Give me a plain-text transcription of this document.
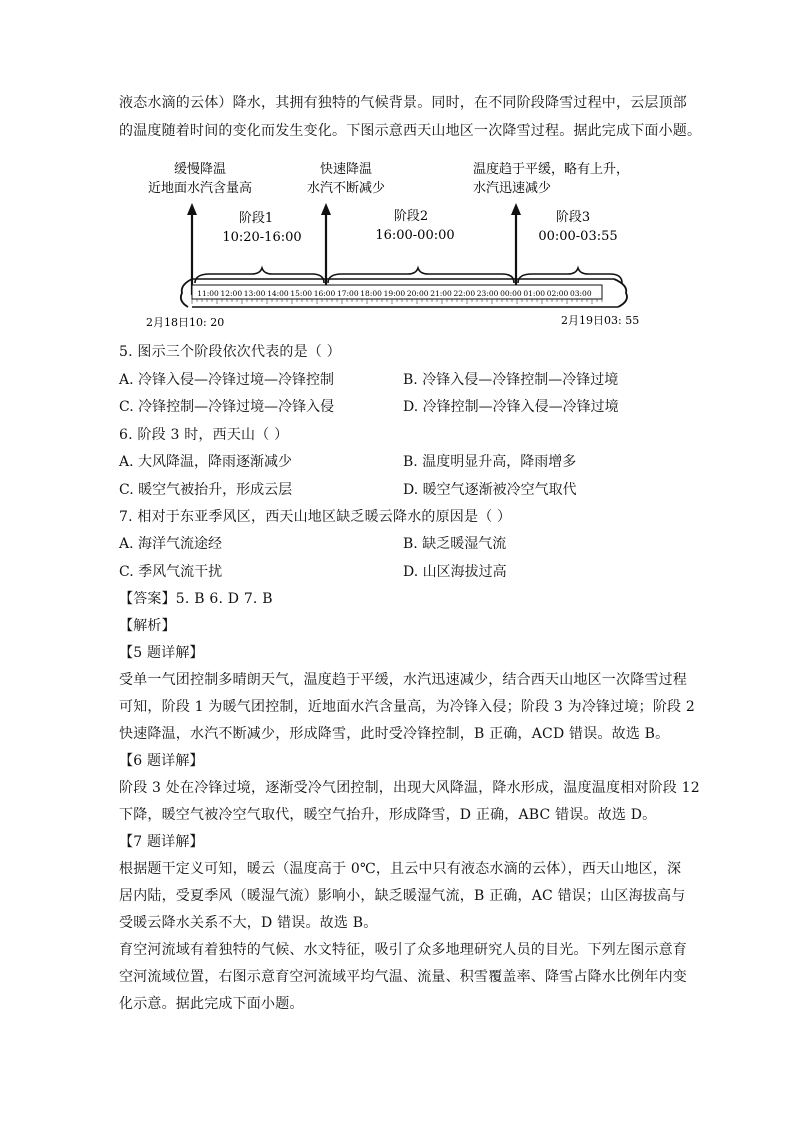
液态水滴的云体）降水，其拥有独特的气候背景。同时，在不同阶段降雪过程中，云层顶部
的温度随着时间的变化而发生变化。下图示意西天山地区一次降雪过程。据此完成下面小题。
缓慢降温
近地面水汽含量高
快速降温
水汽不断减少
温度趋于平缓，略有上升，
水汽迅速减少
阶段1
10:20-16:00
阶段2
16:00-00:00
阶段3
00:00-03:55
11:00 12:00 13:00 14:00 15:00 16:00 17:00 18:00 19:00 20:00 21:00 22:00 23:00 00:00 01:00 02:00 03:00
2月18日10: 20	2月19日03: 55
5. 图示三个阶段依次代表的是（ ）
A. 冷锋入侵—冷锋过境—冷锋控制	B. 冷锋入侵—冷锋控制—冷锋过境
C. 冷锋控制—冷锋过境—冷锋入侵	D. 冷锋控制—冷锋入侵—冷锋过境
6. 阶段 3 时，西天山（ ）
A. 大风降温，降雨逐渐减少	B. 温度明显升高，降雨增多
C. 暖空气被抬升，形成云层	D. 暖空气逐渐被冷空气取代
7. 相对于东亚季风区，西天山地区缺乏暖云降水的原因是（ ）
A. 海洋气流途经	B. 缺乏暖湿气流
C. 季风气流干扰	D. 山区海拔过高
【答案】5. B 6. D 7. B
【解析】
【5 题详解】
受单一气团控制多晴朗天气，温度趋于平缓，水汽迅速减少，结合西天山地区一次降雪过程
可知，阶段 1 为暖气团控制，近地面水汽含量高，为冷锋入侵；阶段 3 为冷锋过境；阶段 2
快速降温，水汽不断减少，形成降雪，此时受冷锋控制，B 正确，ACD 错误。故选 B。
【6 题详解】
阶段 3 处在冷锋过境，逐渐受冷气团控制，出现大风降温，降水形成，温度温度相对阶段 12
下降，暖空气被冷空气取代，暖空气抬升，形成降雪，D 正确，ABC 错误。故选 D。
【7 题详解】
根据题干定义可知，暖云（温度高于 0℃，且云中只有液态水滴的云体），西天山地区，深
居内陆，受夏季风（暖湿气流）影响小，缺乏暖湿气流，B 正确，AC 错误；山区海拔高与
受暖云降水关系不大，D 错误。故选 B。
育空河流域有着独特的气候、水文特征，吸引了众多地理研究人员的目光。下列左图示意育
空河流域位置，右图示意育空河流域平均气温、流量、积雪覆盖率、降雪占降水比例年内变
化示意。据此完成下面小题。
